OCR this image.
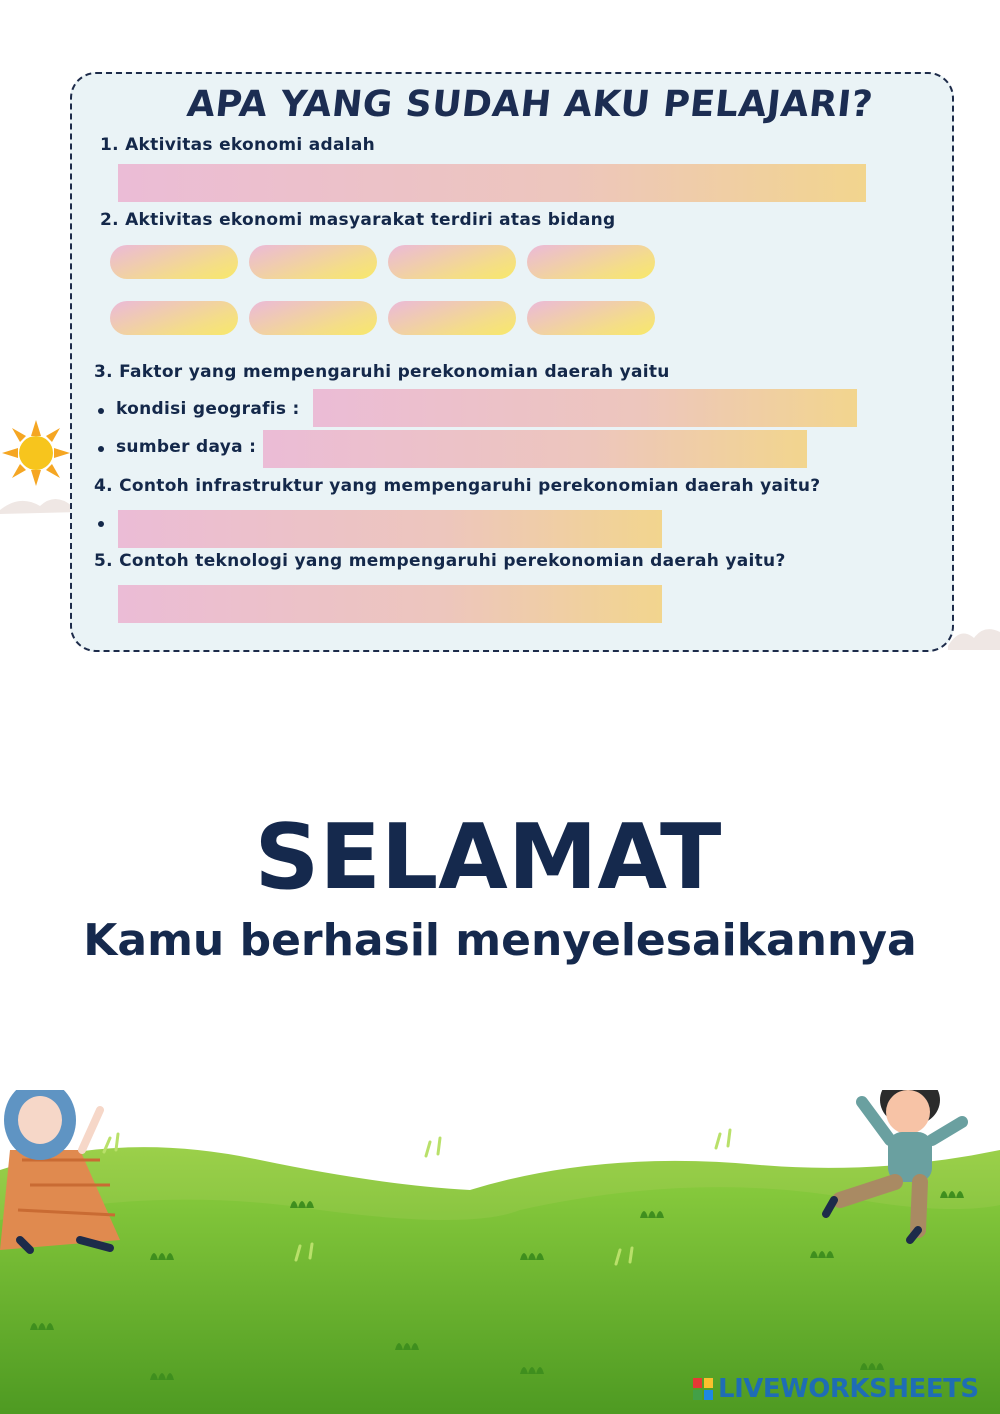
APA YANG SUDAH AKU PELAJARI?
1. Aktivitas ekonomi adalah
2. Aktivitas ekonomi masyarakat terdiri atas bidang
3. Faktor yang mempengaruhi perekonomian daerah yaitu
kondisi geografis :
sumber daya :
4. Contoh infrastruktur yang mempengaruhi perekonomian daerah yaitu?
5. Contoh teknologi yang mempengaruhi perekonomian daerah yaitu?
SELAMAT
Kamu berhasil menyelesaikannya
LIVEWORKSHEETS
